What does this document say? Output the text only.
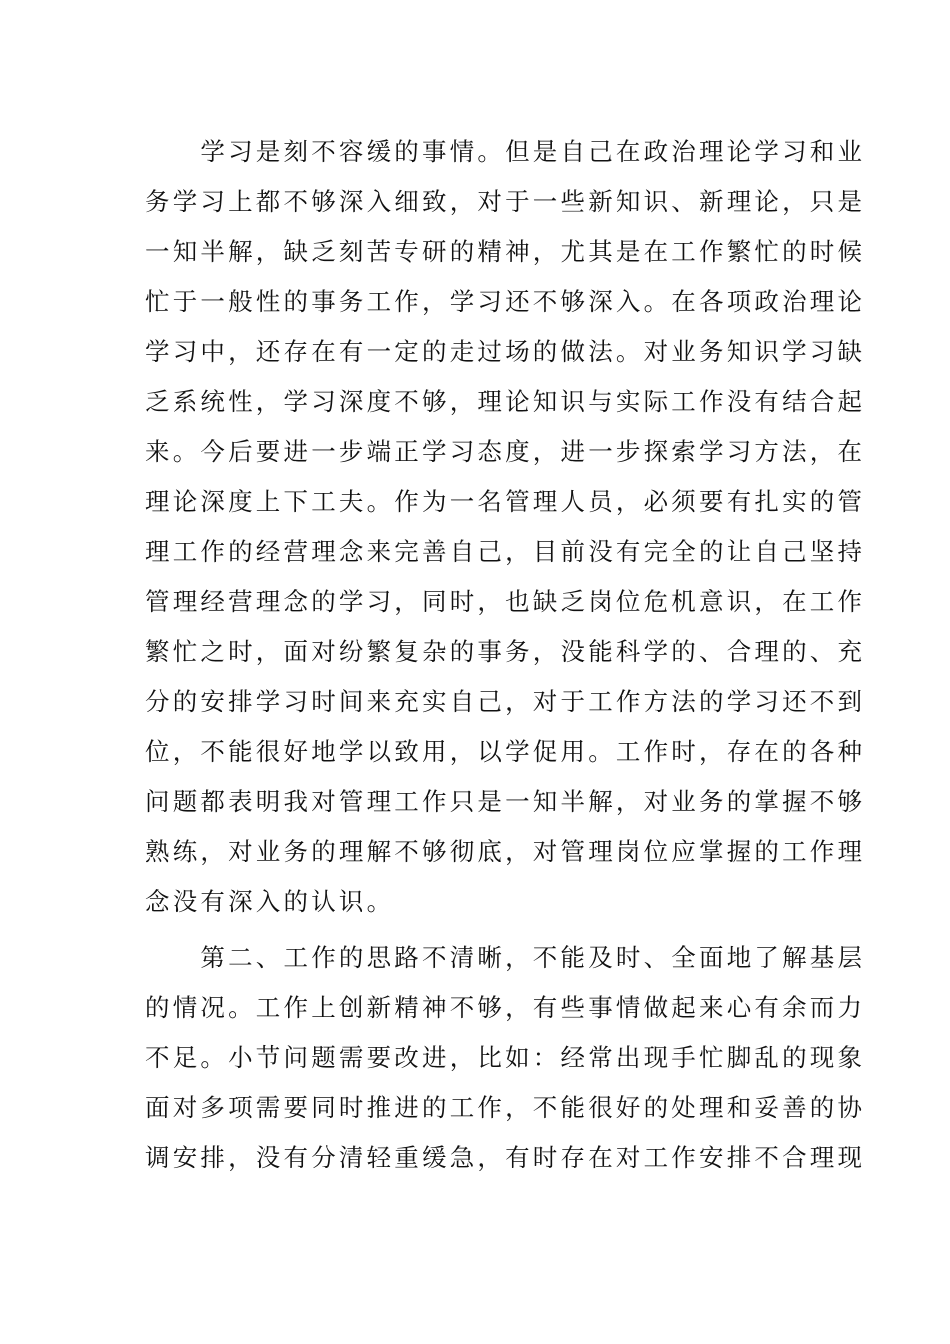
　　学习是刻不容缓的事情。但是自己在政治理论学习和业
务学习上都不够深入细致，对于一些新知识、新理论，只是
一知半解，缺乏刻苦专研的精神，尤其是在工作繁忙的时候
忙于一般性的事务工作，学习还不够深入。在各项政治理论
学习中，还存在有一定的走过场的做法。对业务知识学习缺
乏系统性，学习深度不够，理论知识与实际工作没有结合起
来。今后要进一步端正学习态度，进一步探索学习方法，在
理论深度上下工夫。作为一名管理人员，必须要有扎实的管
理工作的经营理念来完善自己，目前没有完全的让自己坚持
管理经营理念的学习，同时，也缺乏岗位危机意识，在工作
繁忙之时，面对纷繁复杂的事务，没能科学的、合理的、充
分的安排学习时间来充实自己，对于工作方法的学习还不到
位，不能很好地学以致用，以学促用。工作时，存在的各种
问题都表明我对管理工作只是一知半解，对业务的掌握不够
熟练，对业务的理解不够彻底，对管理岗位应掌握的工作理
念没有深入的认识。
　　第二、工作的思路不清晰，不能及时、全面地了解基层
的情况。工作上创新精神不够，有些事情做起来心有余而力
不足。小节问题需要改进，比如：经常出现手忙脚乱的现象
面对多项需要同时推进的工作，不能很好的处理和妥善的协
调安排，没有分清轻重缓急，有时存在对工作安排不合理现
